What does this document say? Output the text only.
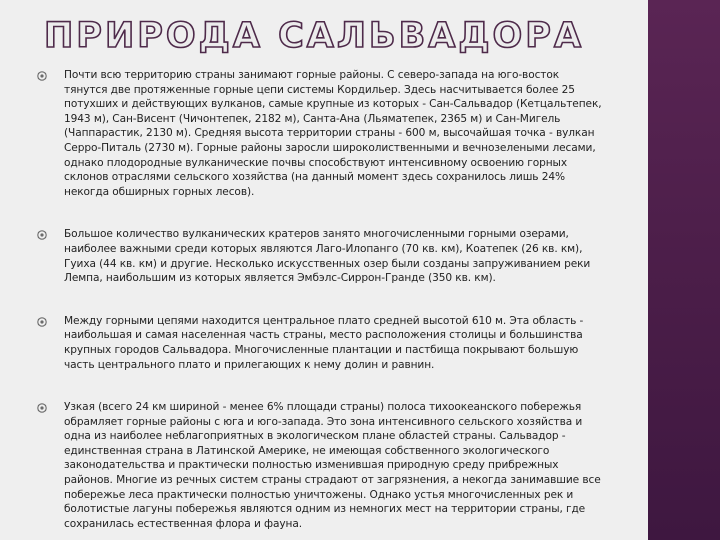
ПРИРОДА САЛЬВАДОРА
Почти всю территорию страны занимают горные районы. С северо-запада на юго-восток тянутся две протяженные горные цепи системы Кордильер. Здесь насчитывается более 25 потухших и действующих вулканов, самые крупные из которых - Сан-Сальвадор (Кетцальтепек, 1943 м), Сан-Висент (Чичонтепек, 2182 м), Санта-Ана (Льяматепек, 2365 м) и Сан-Мигель (Чаппарастик, 2130 м). Средняя высота территории страны - 600 м, высочайшая точка - вулкан Серро-Питаль (2730 м). Горные районы заросли широколиственными и вечнозелеными лесами, однако плодородные вулканические почвы способствуют интенсивному освоению горных склонов отраслями сельского хозяйства (на данный момент здесь сохранилось лишь 24% некогда обширных горных лесов).
Большое количество вулканических кратеров занято многочисленными горными озерами, наиболее важными среди которых являются Лаго-Илопанго (70 кв. км), Коатепек (26 кв. км), Гуиха (44 кв. км) и другие. Несколько искусственных озер были созданы запруживанием реки Лемпа, наибольшим из которых является Эмбэлс-Сиррон-Гранде (350 кв. км).
Между горными цепями находится центральное плато средней высотой 610 м. Эта область - наибольшая и самая населенная часть страны, место расположения столицы и большинства крупных городов Сальвадора. Многочисленные плантации и пастбища покрывают большую часть центрального плато и прилегающих к нему долин и равнин.
Узкая (всего 24 км шириной - менее 6% площади страны) полоса тихоокеанского побережья обрамляет горные районы с юга и юго-запада. Это зона интенсивного сельского хозяйства и одна из наиболее неблагоприятных в экологическом плане областей страны. Сальвадор - единственная страна в Латинской Америке, не имеющая собственного экологического законодательства и практически полностью изменившая природную среду прибрежных районов. Многие из речных систем страны страдают от загрязнения, а некогда занимавшие все побережье леса практически полностью уничтожены. Однако устья многочисленных рек и болотистые лагуны побережья являются одним из немногих мест на территории страны, где сохранилась естественная флора и фауна.
